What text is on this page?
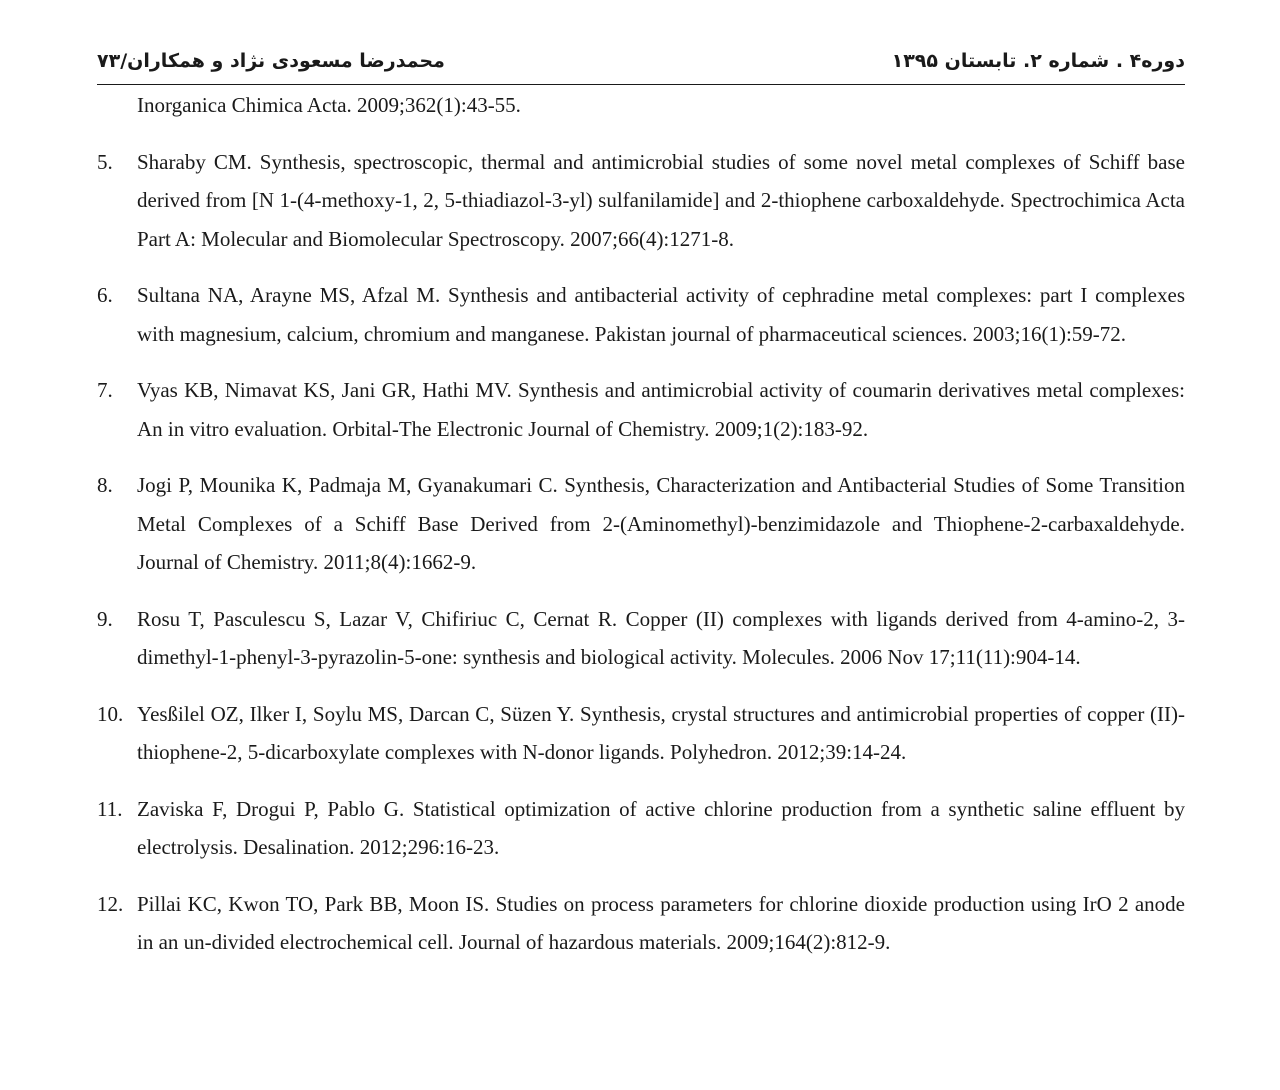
محمدرضا مسعودی نژاد و همکاران/۷۳	دوره۴ . شماره ۲. تابستان ۱۳۹۵
Inorganica Chimica Acta. 2009;362(1):43-55.
5. Sharaby CM. Synthesis, spectroscopic, thermal and antimicrobial studies of some novel metal complexes of Schiff base derived from [N 1-(4-methoxy-1, 2, 5-thiadiazol-3-yl) sulfanilamide] and 2-thiophene carboxaldehyde. Spectrochimica Acta Part A: Molecular and Biomolecular Spectroscopy. 2007;66(4):1271-8.
6. Sultana NA, Arayne MS, Afzal M. Synthesis and antibacterial activity of cephradine metal complexes: part I complexes with magnesium, calcium, chromium and manganese. Pakistan journal of pharmaceutical sciences. 2003;16(1):59-72.
7. Vyas KB, Nimavat KS, Jani GR, Hathi MV. Synthesis and antimicrobial activity of coumarin derivatives metal complexes: An in vitro evaluation. Orbital-The Electronic Journal of Chemistry. 2009;1(2):183-92.
8. Jogi P, Mounika K, Padmaja M, Gyanakumari C. Synthesis, Characterization and Antibacterial Studies of Some Transition Metal Complexes of a Schiff Base Derived from 2-(Aminomethyl)-benzimidazole and Thiophene-2-carbaxaldehyde. Journal of Chemistry. 2011;8(4):1662-9.
9. Rosu T, Pasculescu S, Lazar V, Chifiriuc C, Cernat R. Copper (II) complexes with ligands derived from 4-amino-2, 3-dimethyl-1-phenyl-3-pyrazolin-5-one: synthesis and biological activity. Molecules. 2006 Nov 17;11(11):904-14.
10. Yesßilel OZ, Ilker I, Soylu MS, Darcan C, Süzen Y. Synthesis, crystal structures and antimicrobial properties of copper (II)-thiophene-2, 5-dicarboxylate complexes with N-donor ligands. Polyhedron. 2012;39:14-24.
11. Zaviska F, Drogui P, Pablo G. Statistical optimization of active chlorine production from a synthetic saline effluent by electrolysis. Desalination. 2012;296:16-23.
12. Pillai KC, Kwon TO, Park BB, Moon IS. Studies on process parameters for chlorine dioxide production using IrO 2 anode in an un-divided electrochemical cell. Journal of hazardous materials. 2009;164(2):812-9.
